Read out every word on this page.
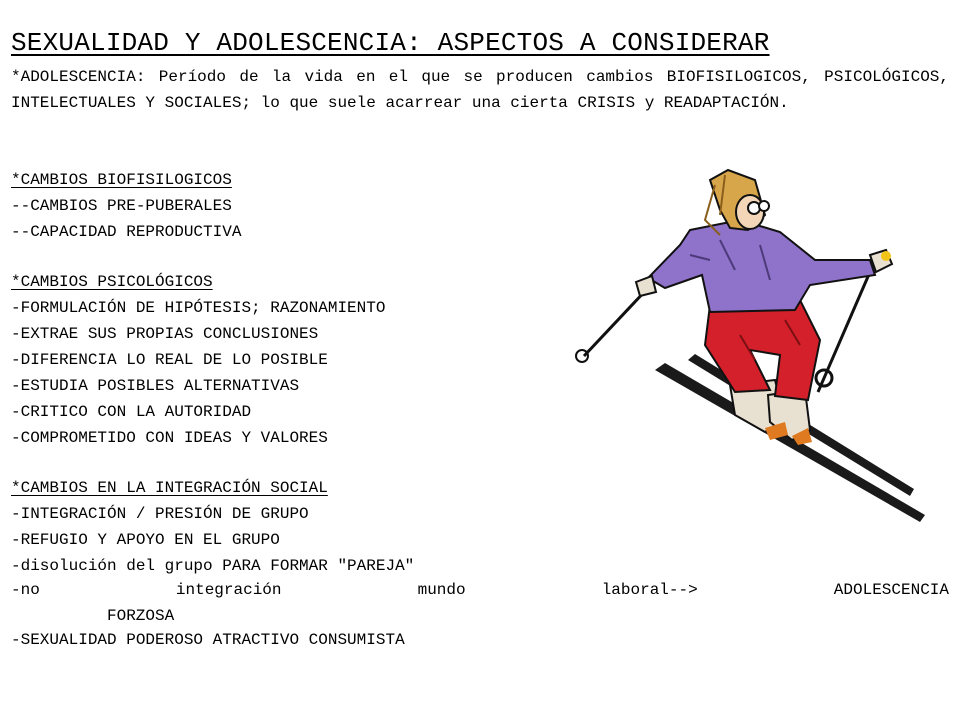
SEXUALIDAD Y ADOLESCENCIA: ASPECTOS A CONSIDERAR
*ADOLESCENCIA: Período de la vida en el que se producen cambios BIOFISILOGICOS, PSICOLÓGICOS, INTELECTUALES Y SOCIALES; lo que suele acarrear una cierta CRISIS y READAPTACIÓN.
*CAMBIOS BIOFISILOGICOS
--CAMBIOS PRE-PUBERALES
--CAPACIDAD REPRODUCTIVA
*CAMBIOS PSICOLÓGICOS
-FORMULACIÓN DE HIPÓTESIS; RAZONAMIENTO
-EXTRAE SUS PROPIAS CONCLUSIONES
-DIFERENCIA LO REAL DE LO POSIBLE
-ESTUDIA POSIBLES ALTERNATIVAS
-CRITICO CON LA AUTORIDAD
-COMPROMETIDO CON IDEAS Y VALORES
*CAMBIOS EN LA INTEGRACIÓN SOCIAL
-INTEGRACIÓN / PRESIÓN DE GRUPO
-REFUGIO Y APOYO EN EL GRUPO
-disolución del grupo PARA FORMAR "PAREJA"
-no	integración	mundo	laboral-->	ADOLESCENCIA
FORZOSA
-SEXUALIDAD PODEROSO ATRACTIVO CONSUMISTA
